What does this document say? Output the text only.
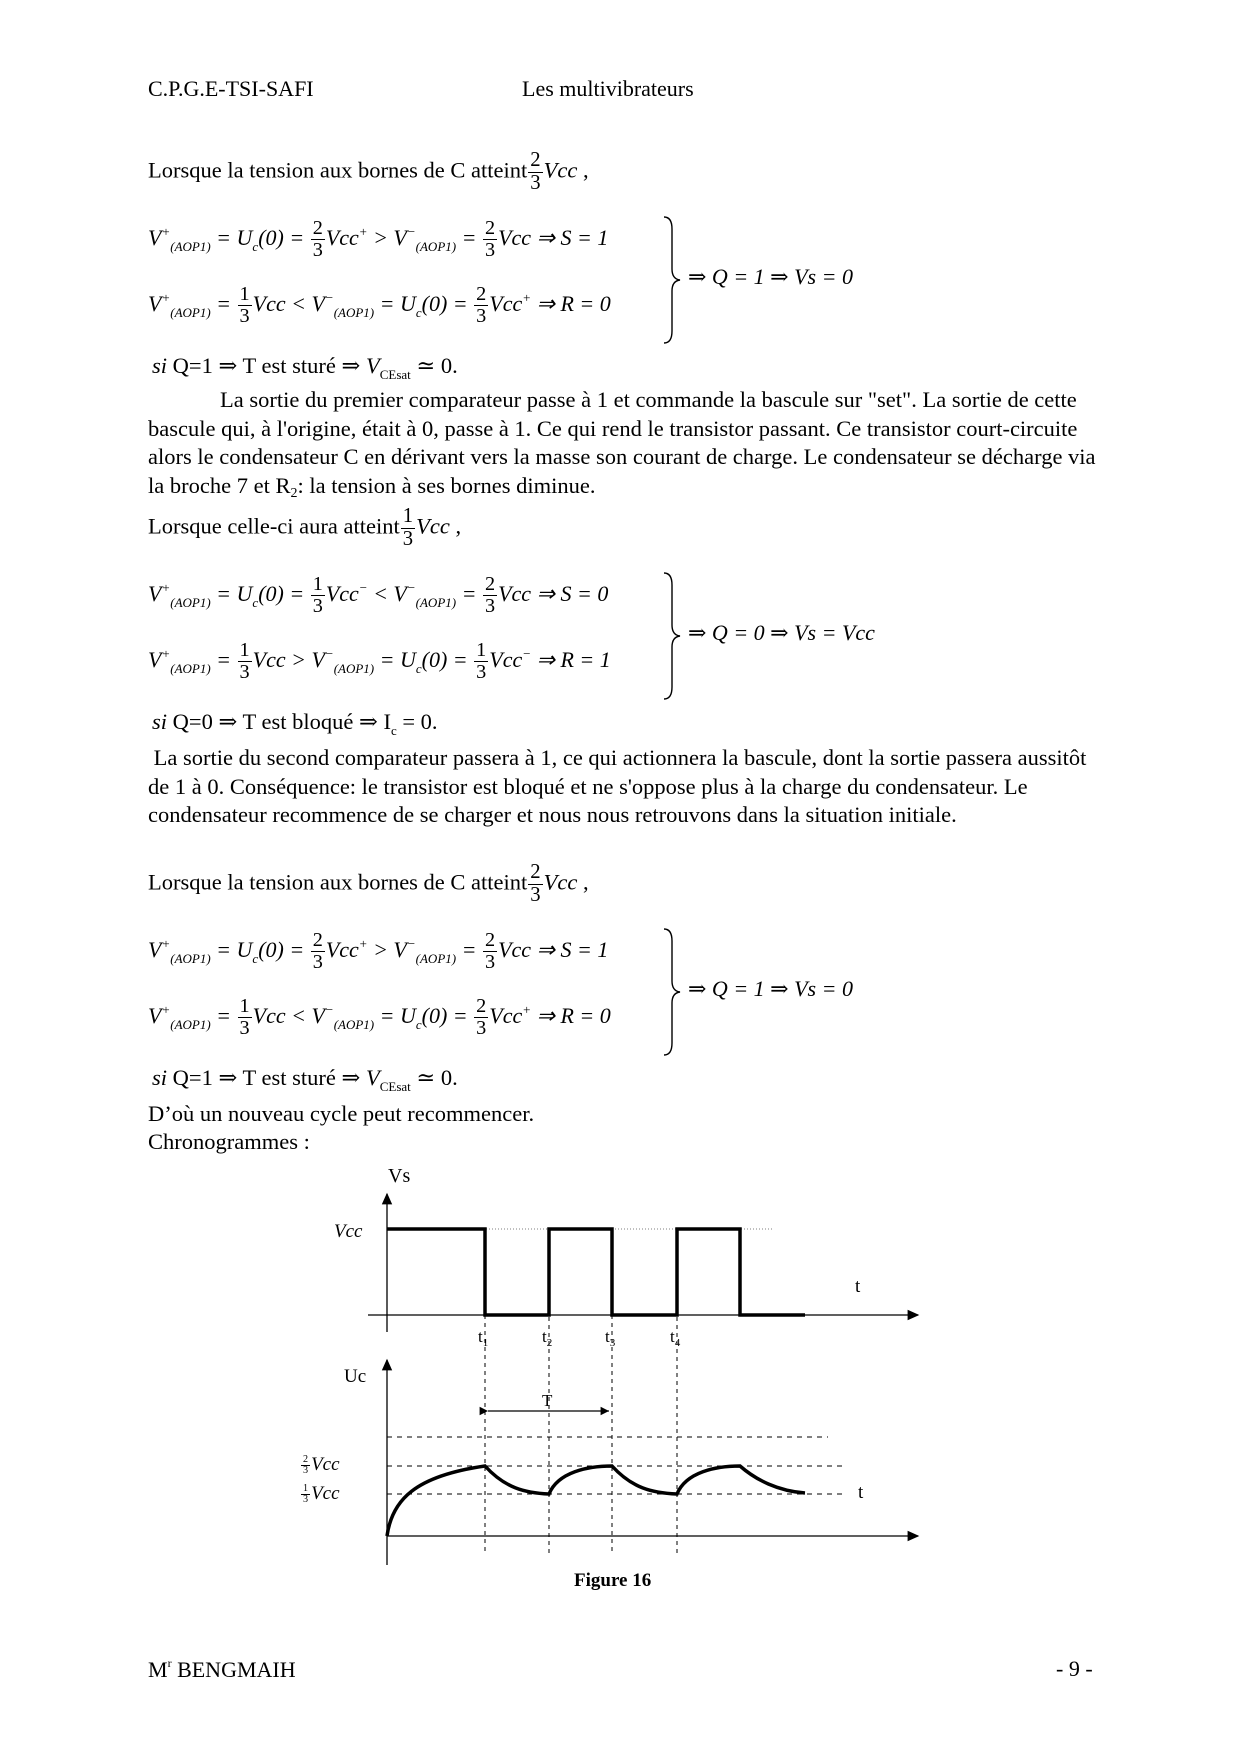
C.P.G.E-TSI-SAFI	Les multivibrateurs
Lorsque la tension aux bornes de C atteint $\frac{2}{3}$ Vcc ,
$V^+_{(AOP1)} = U_c(0) = \frac{2}{3} Vcc^+ > V^-_{(AOP1)} = \frac{2}{3}$ Vcc ⇒ S = 1
$V^+_{(AOP1)} = \frac{1}{3}$ Vcc < $V^-_{(AOP1)} = U_c(0) = \frac{2}{3} Vcc^+$ ⇒ R = 0
⇒ Q = 1 ⇒ Vs = 0
si Q=1 ⇒ T est sturé ⇒ $V_{CEsat}$ ≃ 0.
La sortie du premier comparateur passe à 1 et commande la bascule sur "set". La sortie de cette bascule qui, à l'origine, était à 0, passe à 1. Ce qui rend le transistor passant. Ce transistor court-circuite alors le condensateur C en dérivant vers la masse son courant de charge. Le condensateur se décharge via la broche 7 et R2: la tension à ses bornes diminue.
Lorsque celle-ci aura atteint $\frac{1}{3}$ Vcc ,
$V^+_{(AOP1)} = U_c(0) = \frac{1}{3} Vcc^- < V^-_{(AOP1)} = \frac{2}{3}$ Vcc ⇒ S = 0
$V^+_{(AOP1)} = \frac{1}{3}$ Vcc > $V^-_{(AOP1)} = U_c(0) = \frac{1}{3} Vcc^-$ ⇒ R = 1
⇒ Q = 0 ⇒ Vs = Vcc
si Q=0 ⇒ T est bloqué ⇒ $I_c = 0$.
La sortie du second comparateur passera à 1, ce qui actionnera la bascule, dont la sortie passera aussitôt de 1 à 0. Conséquence: le transistor est bloqué et ne s'oppose plus à la charge du condensateur. Le condensateur recommence de se charger et nous nous retrouvons dans la situation initiale.
Lorsque la tension aux bornes de C atteint $\frac{2}{3}$ Vcc ,
$V^+_{(AOP1)} = U_c(0) = \frac{2}{3} Vcc^+ > V^-_{(AOP1)} = \frac{2}{3}$ Vcc ⇒ S = 1
$V^+_{(AOP1)} = \frac{1}{3}$ Vcc < $V^-_{(AOP1)} = U_c(0) = \frac{2}{3} Vcc^+$ ⇒ R = 0
⇒ Q = 1 ⇒ Vs = 0
si Q=1 ⇒ T est sturé ⇒ $V_{CEsat}$ ≃ 0.
D’où un nouveau cycle peut recommencer.
Chronogrammes :
Vs
Vcc
t
$t_1$	$t_2$	$t_3$	$t_4$
Uc
t
T
$\frac{2}{3}$ Vcc
$\frac{1}{3}$ Vcc
Figure 16
$M^r$ BENGMAIH	- 9 -
